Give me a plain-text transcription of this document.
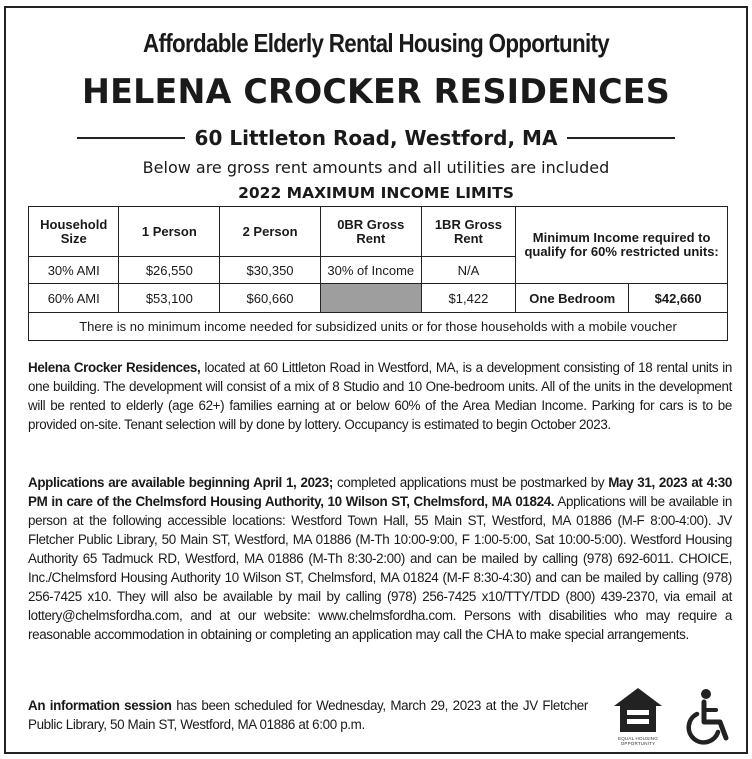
Affordable Elderly Rental Housing Opportunity
HELENA CROCKER RESIDENCES
60 Littleton Road, Westford, MA
Below are gross rent amounts and all utilities are included
2022 MAXIMUM INCOME LIMITS
Household Size	1 Person	2 Person	0BR Gross Rent	1BR Gross Rent	Minimum Income required to qualify for 60% restricted units:	
30% AMI	$26,550	$30,350	30% of Income	N/A		
60% AMI	$53,100	$60,660		$1,422	One Bedroom	$42,660
There is no minimum income needed for subsidized units or for those households with a mobile voucher						
Helena Crocker Residences, located at 60 Littleton Road in Westford, MA, is a development consisting of 18 rental units in one building. The development will consist of a mix of 8 Studio and 10 One-bedroom units. All of the units in the development will be rented to elderly (age 62+) families earning at or below 60% of the Area Median Income. Parking for cars is to be provided on-site. Tenant selection will by done by lottery. Occupancy is estimated to begin October 2023.
Applications are available beginning April 1, 2023; completed applications must be postmarked by May 31, 2023 at 4:30 PM in care of the Chelmsford Housing Authority, 10 Wilson ST, Chelmsford, MA 01824. Applications will be available in person at the following accessible locations: Westford Town Hall, 55 Main ST, Westford, MA 01886 (M-F 8:00-4:00). JV Fletcher Public Library, 50 Main ST, Westford, MA 01886 (M-Th 10:00-9:00, F 1:00-5:00, Sat 10:00-5:00). Westford Housing Authority 65 Tadmuck RD, Westford, MA 01886 (M-Th 8:30-2:00) and can be mailed by calling (978) 692-6011. CHOICE, Inc./Chelmsford Housing Authority 10 Wilson ST, Chelmsford, MA 01824 (M-F 8:30-4:30) and can be mailed by calling (978) 256-7425 x10. They will also be available by mail by calling (978) 256-7425 x10/TTY/TDD (800) 439-2370, via email at lottery@chelmsfordha.com, and at our website: www.chelmsfordha.com. Persons with disabilities who may require a reasonable accommodation in obtaining or completing an application may call the CHA to make special arrangements.
An information session has been scheduled for Wednesday, March 29, 2023 at the JV Fletcher Public Library, 50 Main ST, Westford, MA 01886 at 6:00 p.m.
EQUAL HOUSING OPPORTUNITY
